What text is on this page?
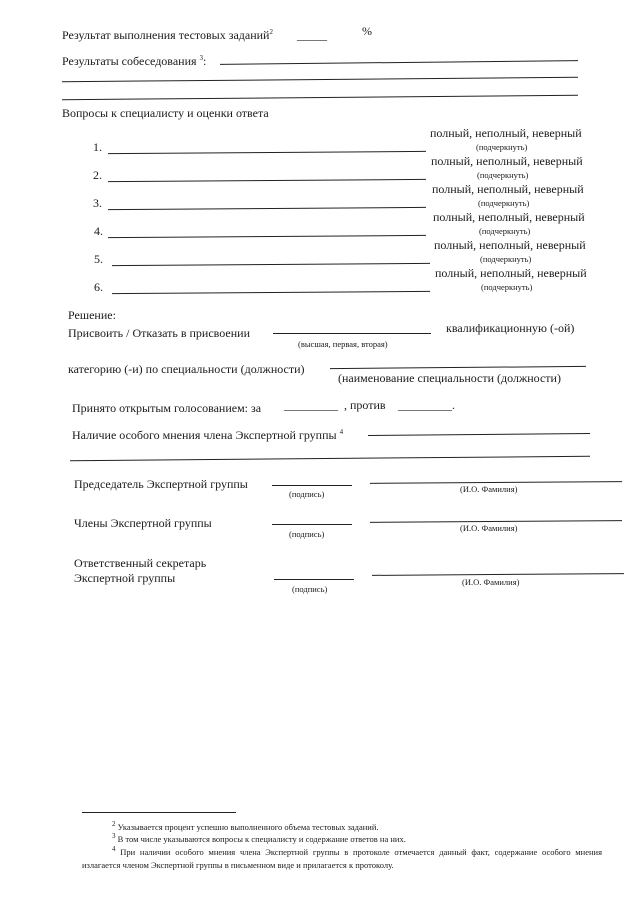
Результат выполнения тестовых заданий$^2$ _____	%
Результаты собеседования $^3$:
Вопросы к специалисту и оценки ответа
1.
полный, неполный, неверный
(подчеркнуть)
2.
полный, неполный, неверный
(подчеркнуть)
3.
полный, неполный, неверный
(подчеркнуть)
4.
полный, неполный, неверный
(подчеркнуть)
5.
полный, неполный, неверный
(подчеркнуть)
6.
полный, неполный, неверный
(подчеркнуть)
Решение:
Присвоить / Отказать в присвоении
(высшая, первая, вторая)
квалификационную (-ой)
категорию (-и) по специальности (должности)
(наименование специальности (должности)
Принято открытым голосованием: за _________ , против _________.
Наличие особого мнения члена Экспертной группы $^4$
Председатель Экспертной группы
(подпись)	(И.О. Фамилия)
Члены Экспертной группы
(подпись)
(И.О. Фамилия)
Ответственный секретарь
Экспертной группы
(подпись)
(И.О. Фамилия)
$^2$ Указывается процент успешно выполненного объема тестовых заданий.
$^3$ В том числе указываются вопросы к специалисту и содержание ответов на них.
$^4$ При наличии особого мнения члена Экспертной группы в протоколе отмечается данный факт, содержание особого мнения излагается членом Экспертной группы в письменном виде и прилагается к протоколу.
